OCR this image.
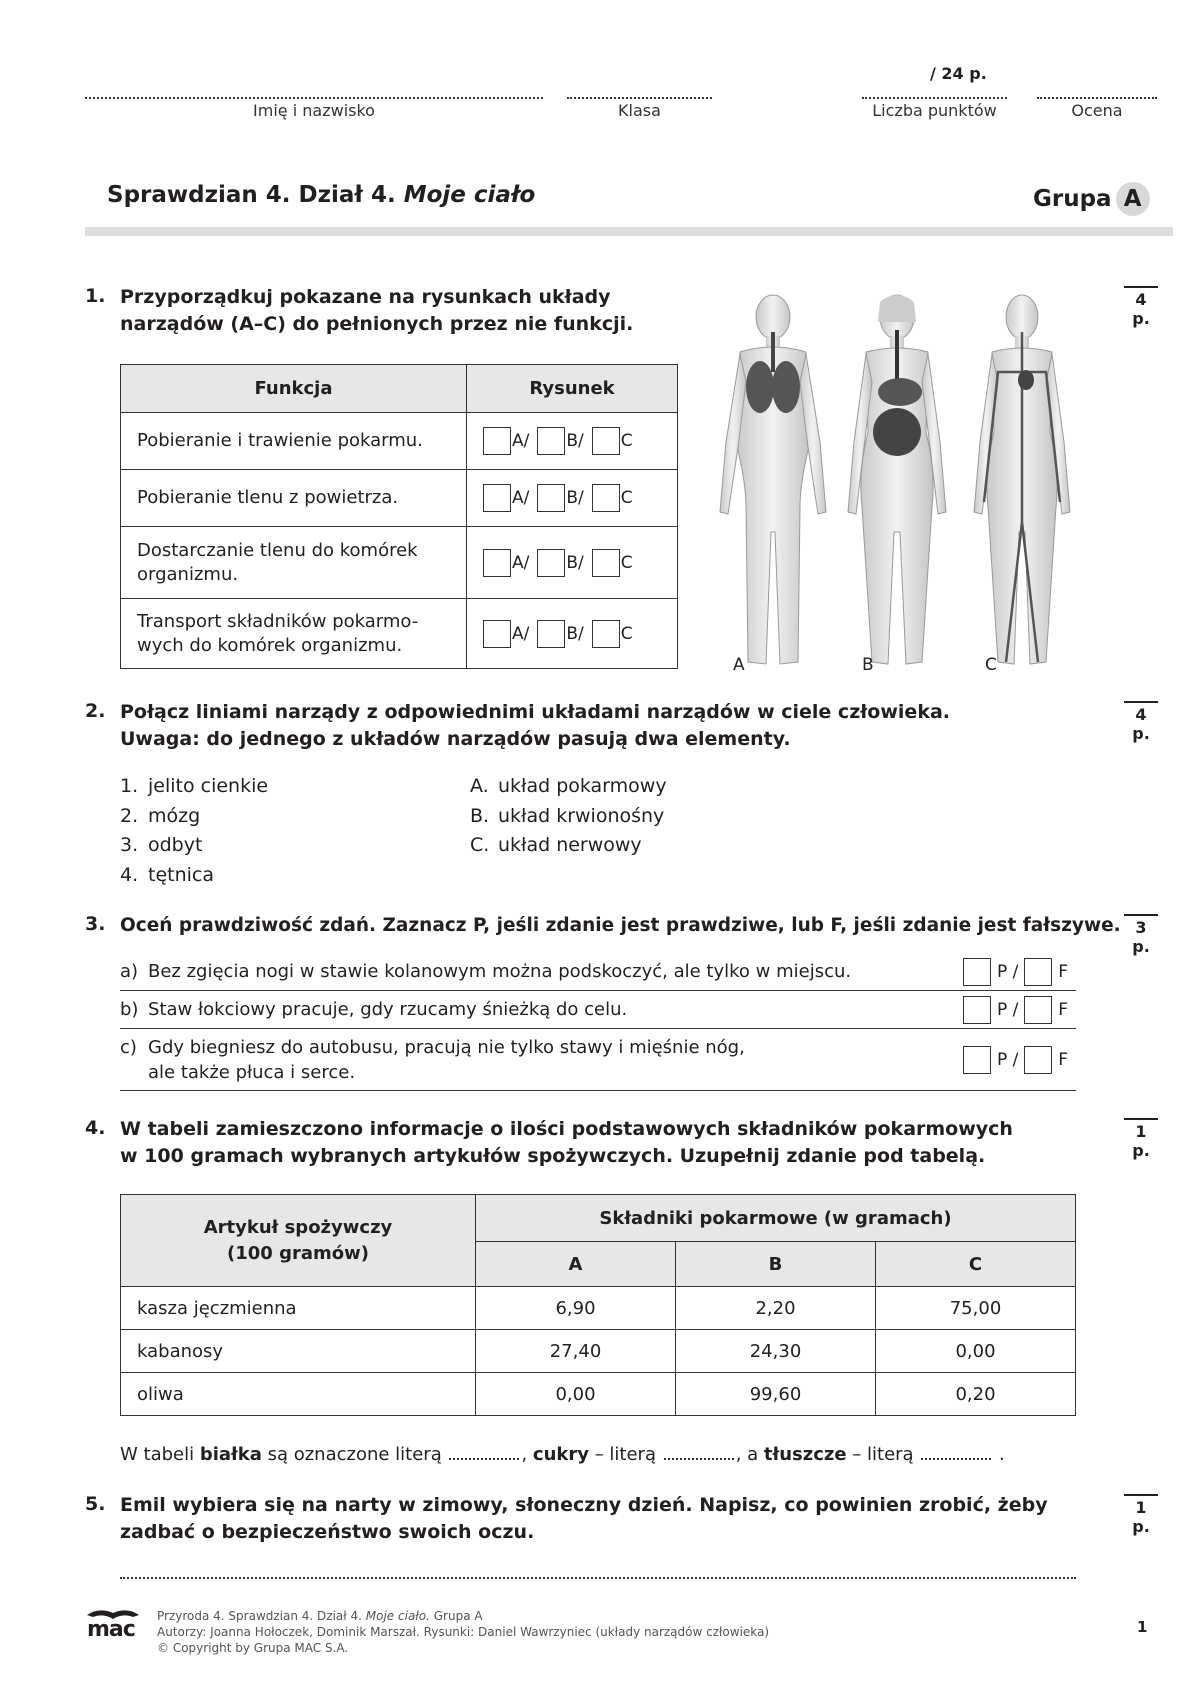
/ 24 p.
Imię i nazwisko	Klasa	Liczba punktów	Ocena
Sprawdzian 4. Dział 4. Moje ciało	Grupa A
1. Przyporządkuj pokazane na rysunkach układy
narządów (A–C) do pełnionych przez nie funkcji.
4 p.
Funkcja	Rysunek

Pobieranie i trawienie pokarmu.	A/ B/ C

Pobieranie tlenu z powietrza.	A/ B/ C

Dostarczanie tlenu do komórek
organizmu.	A/ B/ C

Transport składników pokarmo-
wych do komórek organizmu.	A/ B/ C
A	B	C
2. Połącz liniami narządy z odpowiednimi układami narządów w ciele człowieka.
Uwaga: do jednego z układów narządów pasują dwa elementy.
4 p.
1. jelito cienkie
2. mózg
3. odbyt
4. tętnica
A. układ pokarmowy
B. układ krwionośny
C. układ nerwowy
3. Oceń prawdziwość zdań. Zaznacz P, jeśli zdanie jest prawdziwe, lub F, jeśli zdanie jest fałszywe. 3 p.
a) Bez zgięcia nogi w stawie kolanowym można podskoczyć, ale tylko w miejscu.	P / F
b) Staw łokciowy pracuje, gdy rzucamy śnieżką do celu.	P / F
c) Gdy biegniesz do autobusu, pracują nie tylko stawy i mięśnie nóg,
ale także płuca i serce.
P / F
4. W tabeli zamieszczono informacje o ilości podstawowych składników pokarmowych
w 100 gramach wybranych artykułów spożywczych. Uzupełnij zdanie pod tabelą.
1 p.
Artykuł spożywczy
(100 gramów)	Składniki pokarmowe (w gramach)		
	A	B	C
kasza jęczmienna	6,90	2,20	75,00
kabanosy	27,40	24,30	0,00
oliwa	0,00	99,60	0,20
W tabeli białka są oznaczone literą	, cukry – literą	, a tłuszcze – literą	.
5. Emil wybiera się na narty w zimowy, słoneczny dzień. Napisz, co powinien zrobić, żeby
zadbać o bezpieczeństwo swoich oczu.
1 p.
mac
Przyroda 4. Sprawdzian 4. Dział 4. Moje ciało. Grupa A
Autorzy: Joanna Hołoczek, Dominik Marszał. Rysunki: Daniel Wawrzyniec (układy narządów człowieka)
© Copyright by Grupa MAC S.A.
1
